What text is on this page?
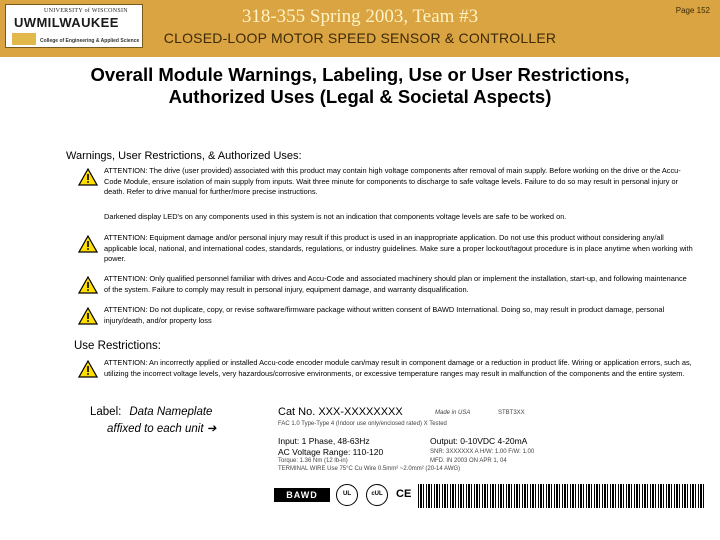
UNIVERSITY of WISCONSIN
UWMILWAUKEE
College of Engineering & Applied Science
318-355 Spring 2003, Team #3
CLOSED-LOOP MOTOR SPEED SENSOR & CONTROLLER
Page 152
Overall Module Warnings, Labeling, Use or User Restrictions,
Authorized Uses (Legal & Societal Aspects)
Warnings, User Restrictions, & Authorized Uses:
ATTENTION: The drive (user provided) associated with this product may contain high voltage components after removal of main supply. Before working on the drive or the Accu-Code Module, ensure isolation of main supply from inputs. Wait three minute for components to discharge to safe voltage levels. Failure to do so may result in personal injury or death. Refer to drive manual for further/more precise instructions.
Darkened display LED's on any components used in this system is not an indication that components voltage levels are safe to be worked on.
ATTENTION: Equipment damage and/or personal injury may result if this product is used in an inappropriate application. Do not use this product without considering any/all applicable local, national, and international codes, standards, regulations, or industry guidelines. Make sure a proper lockout/tagout procedure is in place anytime when working with power.
ATTENTION: Only qualified personnel familiar with drives and Accu-Code and associated machinery should plan or implement the installation, start-up, and following maintenance of the system. Failure to comply may result in personal injury, equipment damage, and warranty disqualification.
ATTENTION: Do not duplicate, copy, or revise software/firmware package without written consent of BAWD International. Doing so, may result in product damage, personal injury/death, and/or property loss
Use Restrictions:
ATTENTION: An incorrectly applied or installed Accu-code encoder module can/may result in component damage or a reduction in product life. Wiring or application errors, such as, utilizing the incorrect voltage levels, very hazardous/corrosive environments, or excessive temperature ranges may result in malfunction of the components and the entire system.
Label: Data Nameplate
affixed to each unit ➔
Cat No. XXX-XXXXXXXX	Made in USA	STBT3XX
FAC 1.0 Type-Type 4 (Indoor use only/enclosed rated) X Tested
Input: 1 Phase, 48-63Hz	Output: 0-10VDC 4-20mA
AC Voltage Range: 110-120	SNR: 3XXXXXX A H/W: 1.00 F/W: 1.00
Torque: 1.36 Nm (12 lb-in)	MFD. IN 2003 ON APR 1, 04
TERMINAL WIRE Use 75°C Cu Wire 0.5mm² ~2.0mm² (20-14 AWG)
BAWD	UL	cUL	CE
